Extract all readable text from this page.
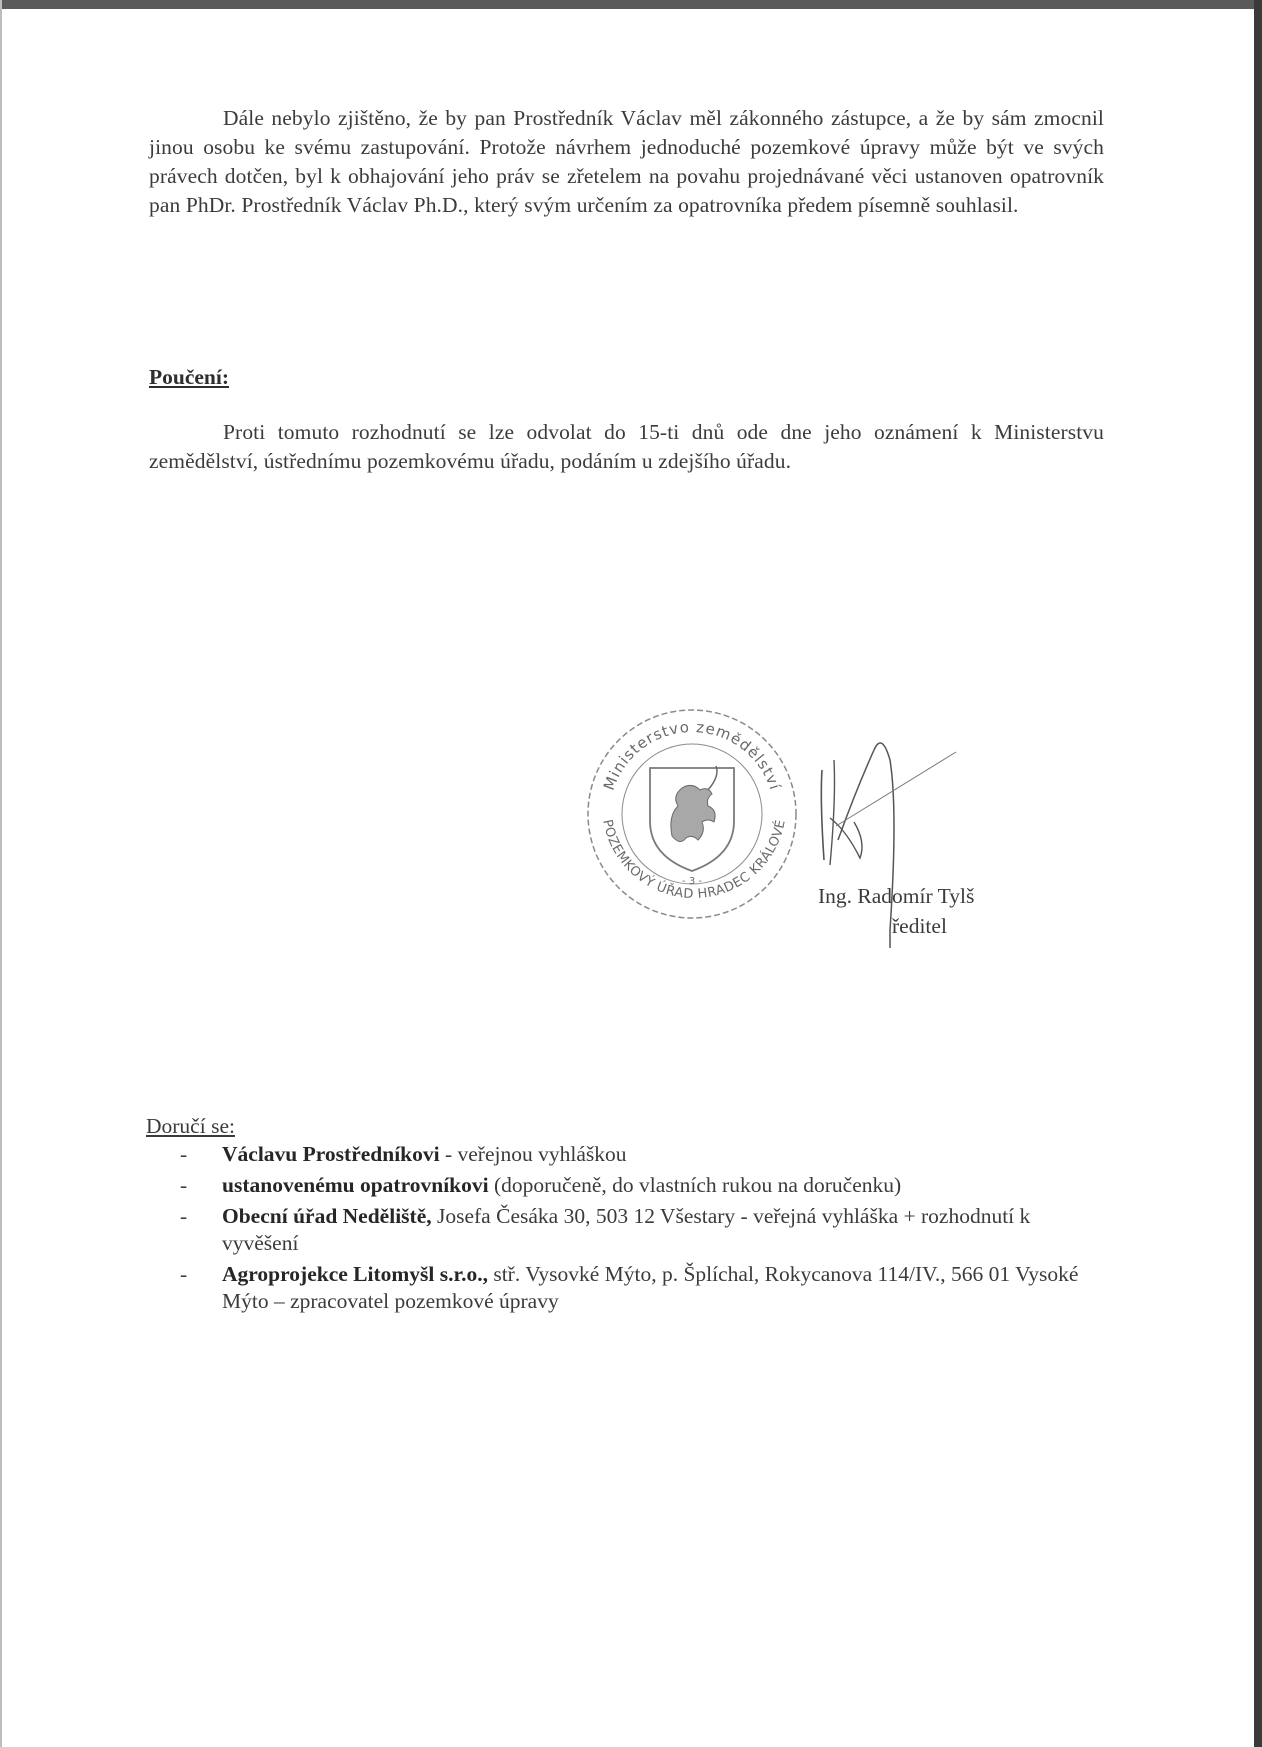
Dále nebylo zjištěno, že by pan Prostředník Václav měl zákonného zástupce, a že by sám zmocnil jinou osobu ke svému zastupování. Protože návrhem jednoduché pozemkové úpravy může být ve svých právech dotčen, byl k obhajování jeho práv se zřetelem na povahu projednávané věci ustanoven opatrovník pan PhDr. Prostředník Václav Ph.D., který svým určením za opatrovníka předem písemně souhlasil.

Poučení:

Proti tomuto rozhodnutí se lze odvolat do 15-ti dnů ode dne jeho oznámení k Ministerstvu zemědělství, ústřednímu pozemkovému úřadu, podáním u zdejšího úřadu.

Ministerstvo zemědělství
POZEMKOVÝ ÚŘAD HRADEC KRÁLOVÉ
- 3 -
Ing. Radomír Tylš
ředitel
Doručí se:
- Václavu Prostředníkovi - veřejnou vyhláškou
- ustanovenému opatrovníkovi (doporučeně, do vlastních rukou na doručenku)
- Obecní úřad Neděliště, Josefa Česáka 30, 503 12 Všestary - veřejná vyhláška + rozhodnutí k vyvěšení
- Agroprojekce Litomyšl s.r.o., stř. Vysovké Mýto, p. Šplíchal, Rokycanova 114/IV., 566 01 Vysoké Mýto – zpracovatel pozemkové úpravy
